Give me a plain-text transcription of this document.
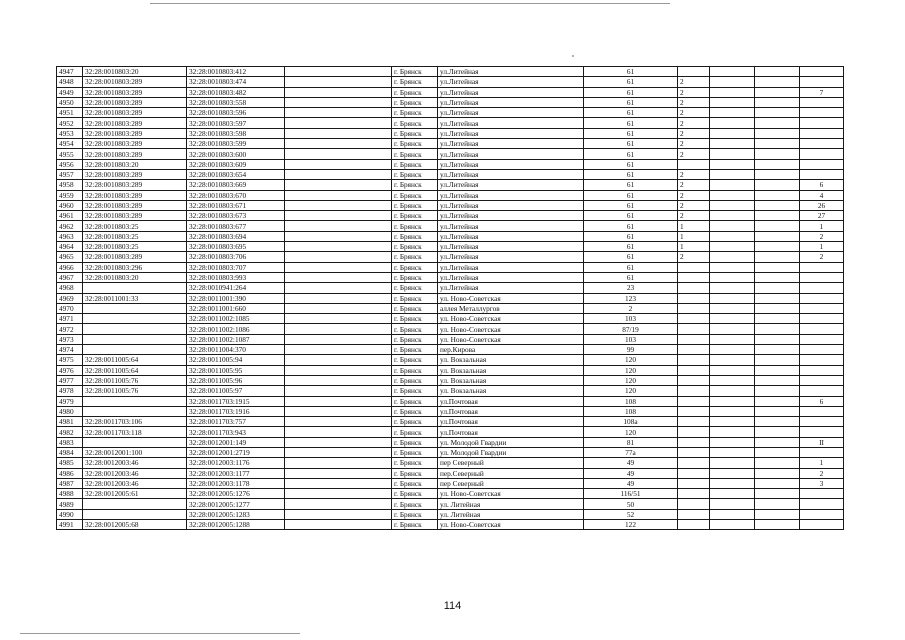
4947	32:28:0010803:20	32:28:0010803:412		г. Брянск	ул.Литейная	61				
4948	32:28:0010803:289	32:28:0010803:474		г. Брянск	ул.Литейная	61	2			
4949	32:28:0010803:289	32:28:0010803:482		г. Брянск	ул.Литейная	61	2			7
4950	32:28:0010803:289	32:28:0010803:558		г. Брянск	ул.Литейная	61	2			
4951	32:28:0010803:289	32:28:0010803:596		г. Брянск	ул.Литейная	61	2			
4952	32:28:0010803:289	32:28:0010803:597		г. Брянск	ул.Литейная	61	2			
4953	32:28:0010803:289	32:28:0010803:598		г. Брянск	ул.Литейная	61	2			
4954	32:28:0010803:289	32:28:0010803:599		г. Брянск	ул.Литейная	61	2			
4955	32:28:0010803:289	32:28:0010803:600		г. Брянск	ул.Литейная	61	2			
4956	32:28:0010803:20	32:28:0010803:609		г. Брянск	ул.Литейная	61				
4957	32:28:0010803:289	32:28:0010803:654		г. Брянск	ул.Литейная	61	2			
4958	32:28:0010803:289	32:28:0010803:669		г. Брянск	ул.Литейная	61	2			6
4959	32:28:0010803:289	32:28:0010803:670		г. Брянск	ул.Литейная	61	2			4
4960	32:28:0010803:289	32:28:0010803:671		г. Брянск	ул.Литейная	61	2			26
4961	32:28:0010803:289	32:28:0010803:673		г. Брянск	ул.Литейная	61	2			27
4962	32:28:0010803:25	32:28:0010803:677		г. Брянск	ул.Литейная	61	1			1
4963	32:28:0010803:25	32:28:0010803:694		г. Брянск	ул.Литейная	61	1			2
4964	32:28:0010803:25	32:28:0010803:695		г. Брянск	ул.Литейная	61	1			1
4965	32:28:0010803:289	32:28:0010803:706		г. Брянск	ул.Литейная	61	2			2
4966	32:28:0010803:296	32:28:0010803:707		г. Брянск	ул.Литейная	61				
4967	32:28:0010803:20	32:28:0010803:993		г. Брянск	ул.Литейная	61				
4968		32:28:0010941:264		г. Брянск	ул.Литейная	23				
4969	32:28:0011001:33	32:28:0011001:390		г. Брянск	ул. Ново-Советская	123				
4970		32:28:0011001:660		г. Брянск	аллея Металлургов	2				
4971		32:28:0011002:1085		г. Брянск	ул. Ново-Советская	103				
4972		32:28:0011002:1086		г. Брянск	ул. Ново-Советская	87/19				
4973		32:28:0011002:1087		г. Брянск	ул. Ново-Советская	103				
4974		32:28:0011004:370		г. Брянск	пер.Кирова	99				
4975	32:28:0011005:64	32:28:0011005:94		г. Брянск	ул. Вокзальная	120				
4976	32:28:0011005:64	32:28:0011005:95		г. Брянск	ул. Вокзальная	120				
4977	32:28:0011005:76	32:28:0011005:96		г. Брянск	ул. Вокзальная	120				
4978	32:28:0011005:76	32:28:0011005:97		г. Брянск	ул. Вокзальная	120				
4979		32:28:0011703:1915		г. Брянск	ул.Почтовая	108				6
4980		32:28:0011703:1916		г. Брянск	ул.Почтовая	108				
4981	32:28:0011703:106	32:28:0011703:757		г. Брянск	ул.Почтовая	108а				
4982	32:28:0011703:118	32:28:0011703:943		г. Брянск	ул.Почтовая	120				
4983		32:28:0012001:149		г. Брянск	ул. Молодой Гвардии	81				II
4984	32:28:0012001:100	32:28:0012001:2719		г. Брянск	ул. Молодой Гвардии	77а				
4985	32:28:0012003:46	32:28:0012003:1176		г. Брянск	пер Северный	49				1
4986	32:28:0012003:46	32:28:0012003:1177		г. Брянск	пер.Северный	49				2
4987	32:28:0012003:46	32:28:0012003:1178		г. Брянск	пер Северный	49				3
4988	32:28:0012005:61	32:28:0012005:1276		г. Брянск	ул. Ново-Советская	116/51				
4989		32:28:0012005:1277		г. Брянск	ул. Литейная	50				
4990		32:28:0012005:1283		г. Брянск	ул. Литейная	52				
4991	32:28:0012005:68	32:28:0012005:1288		г. Брянск	ул. Ново-Советская	122				
114
